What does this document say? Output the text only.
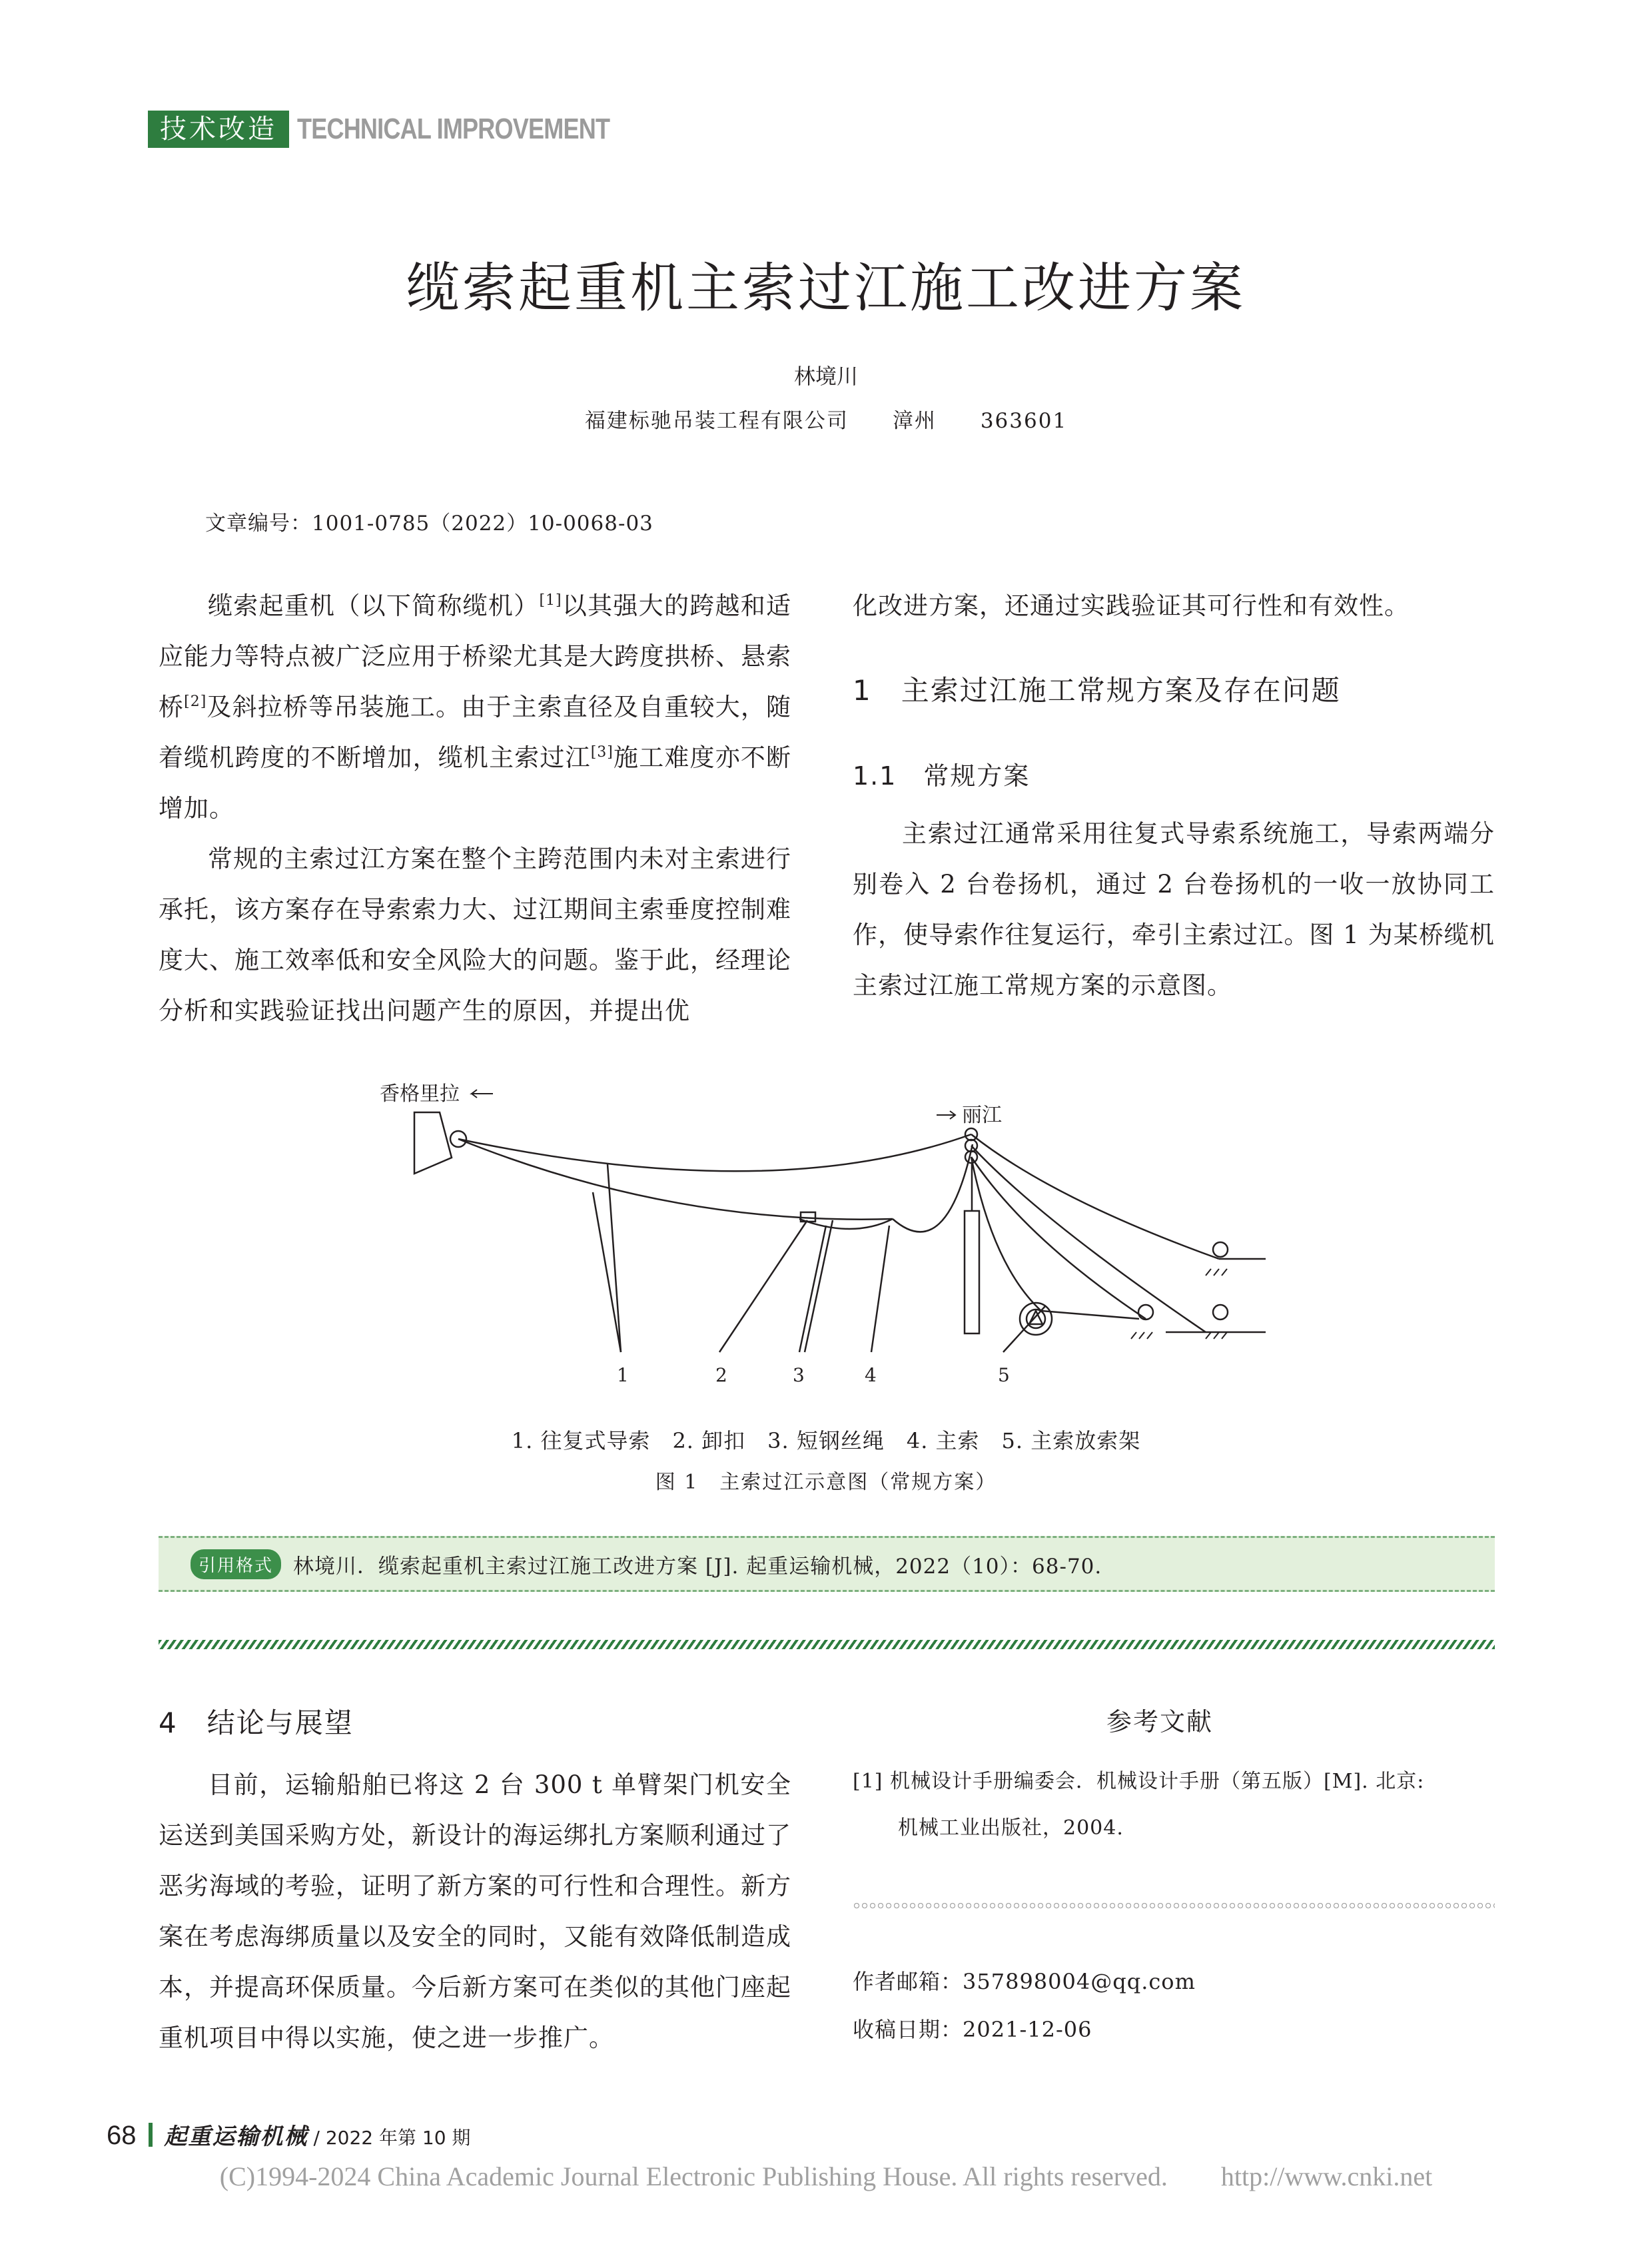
技术改造 TECHNICAL IMPROVEMENT
缆索起重机主索过江施工改进方案
林境川
福建标驰吊装工程有限公司　　漳州　　363601
文章编号：1001-0785（2022）10-0068-03

缆索起重机（以下简称缆机）[1]以其强大的跨越和适应能力等特点被广泛应用于桥梁尤其是大跨度拱桥、悬索桥[2]及斜拉桥等吊装施工。由于主索直径及自重较大，随着缆机跨度的不断增加，缆机主索过江[3]施工难度亦不断增加。

常规的主索过江方案在整个主跨范围内未对主索进行承托，该方案存在导索索力大、过江期间主索垂度控制难度大、施工效率低和安全风险大的问题。鉴于此，经理论分析和实践验证找出问题产生的原因，并提出优

化改进方案，还通过实践验证其可行性和有效性。

1　主索过江施工常规方案及存在问题
1.1　常规方案

主索过江通常采用往复式导索系统施工，导索两端分别卷入 2 台卷扬机，通过 2 台卷扬机的一收一放协同工作，使导索作往复运行，牵引主索过江。图 1 为某桥缆机主索过江施工常规方案的示意图。

香格里拉
丽江
1	2	3	4	5
1. 往复式导索　2. 卸扣　3. 短钢丝绳　4. 主索　5. 主索放索架
图 1　主索过江示意图（常规方案）
引用格式 林境川．缆索起重机主索过江施工改进方案 [J]. 起重运输机械，2022（10）：68-70.
4　结论与展望

目前，运输船舶已将这 2 台 300 t 单臂架门机安全运送到美国采购方处，新设计的海运绑扎方案顺利通过了恶劣海域的考验，证明了新方案的可行性和合理性。新方案在考虑海绑质量以及安全的同时，又能有效降低制造成本，并提高环保质量。今后新方案可在类似的其他门座起重机项目中得以实施，使之进一步推广。

参考文献
[1] 机械设计手册编委会．机械设计手册（第五版）[M]. 北京:
机械工业出版社，2004.
作者邮箱：357898004@qq.com
收稿日期：2021-12-06
68 起重运输机械 / 2022 年第 10 期
(C)1994-2024 China Academic Journal Electronic Publishing House. All rights reserved.　　http://www.cnki.net
